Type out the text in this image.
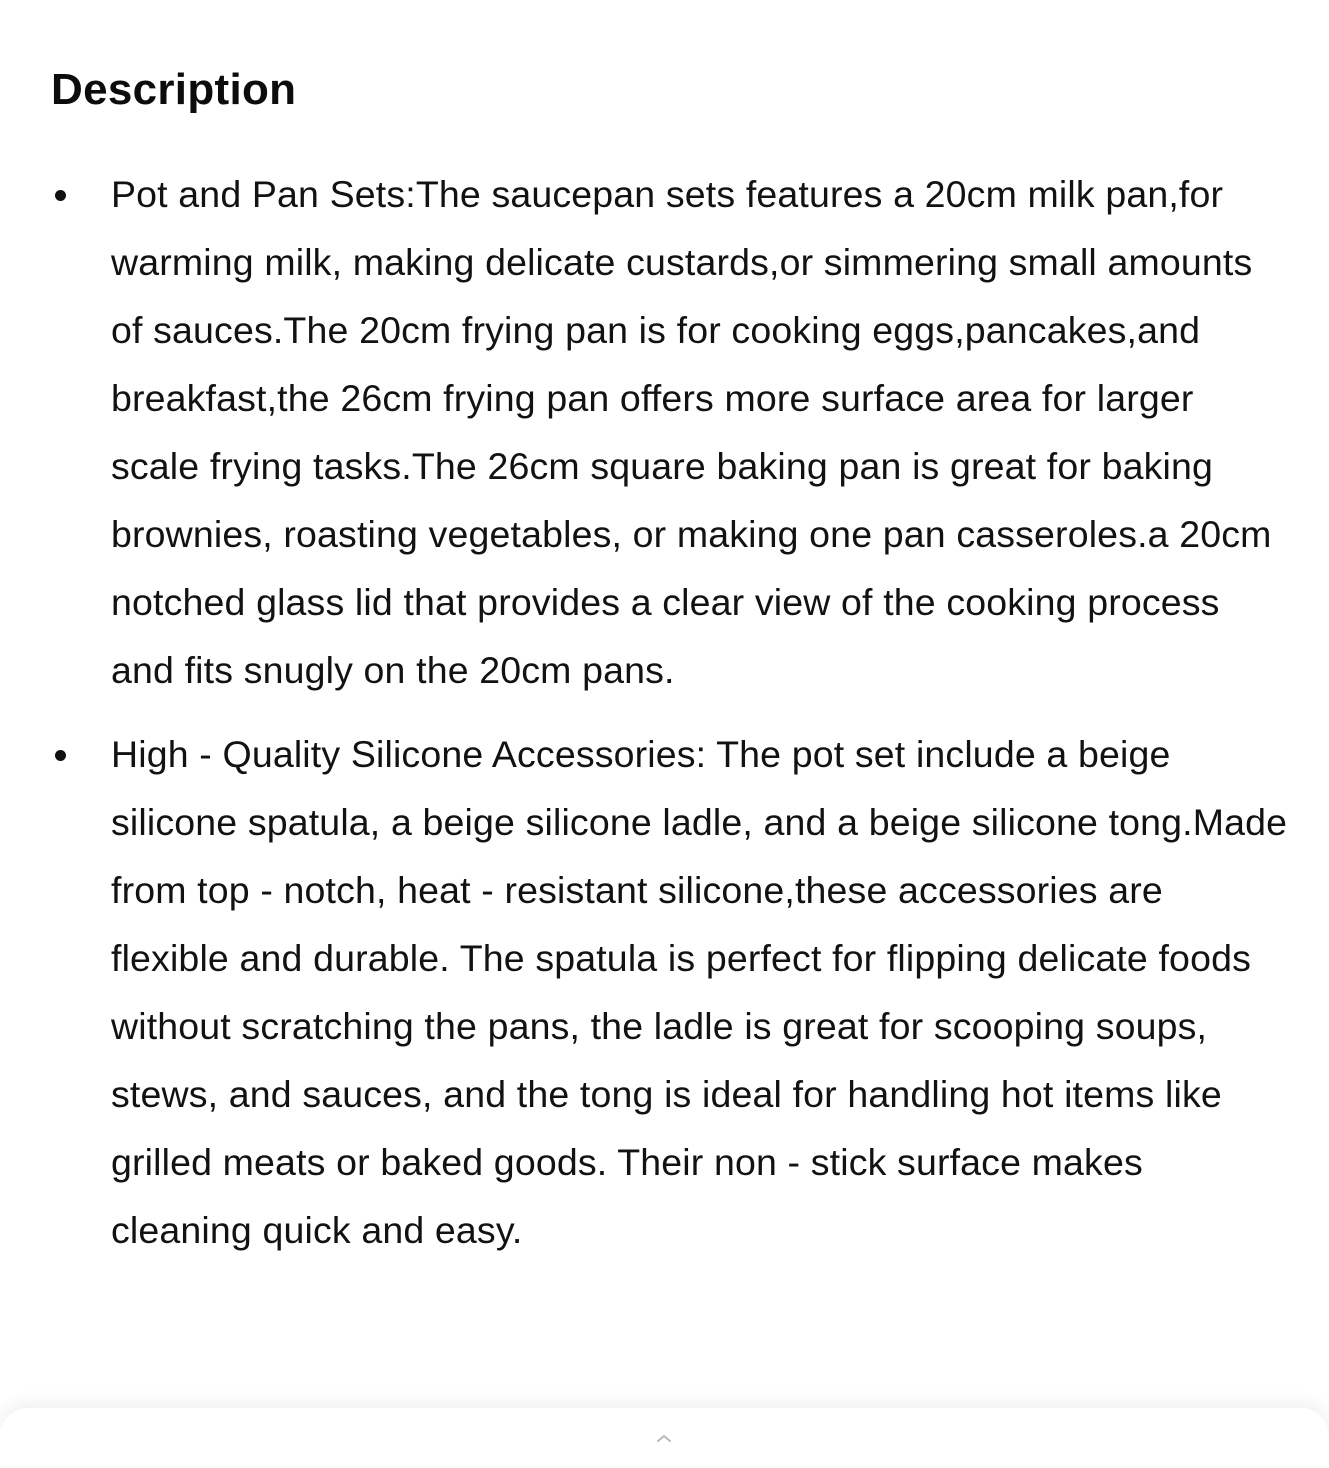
Description
Pot and Pan Sets:The saucepan sets features a 20cm milk pan,for warming milk, making delicate custards,or simmering small amounts of sauces.The 20cm frying pan is for cooking eggs,pancakes,and breakfast,the 26cm frying pan offers more surface area for larger scale frying tasks.The 26cm square baking pan is great for baking brownies, roasting vegetables, or making one pan casseroles.a 20cm notched glass lid that provides a clear view of the cooking process and fits snugly on the 20cm pans.
High - Quality Silicone Accessories: The pot set include a beige silicone spatula, a beige silicone ladle, and a beige silicone tong.Made from top - notch, heat - resistant silicone,these accessories are flexible and durable. The spatula is perfect for flipping delicate foods without scratching the pans, the ladle is great for scooping soups, stews, and sauces, and the tong is ideal for handling hot items like grilled meats or baked goods. Their non - stick surface makes cleaning quick and easy.
